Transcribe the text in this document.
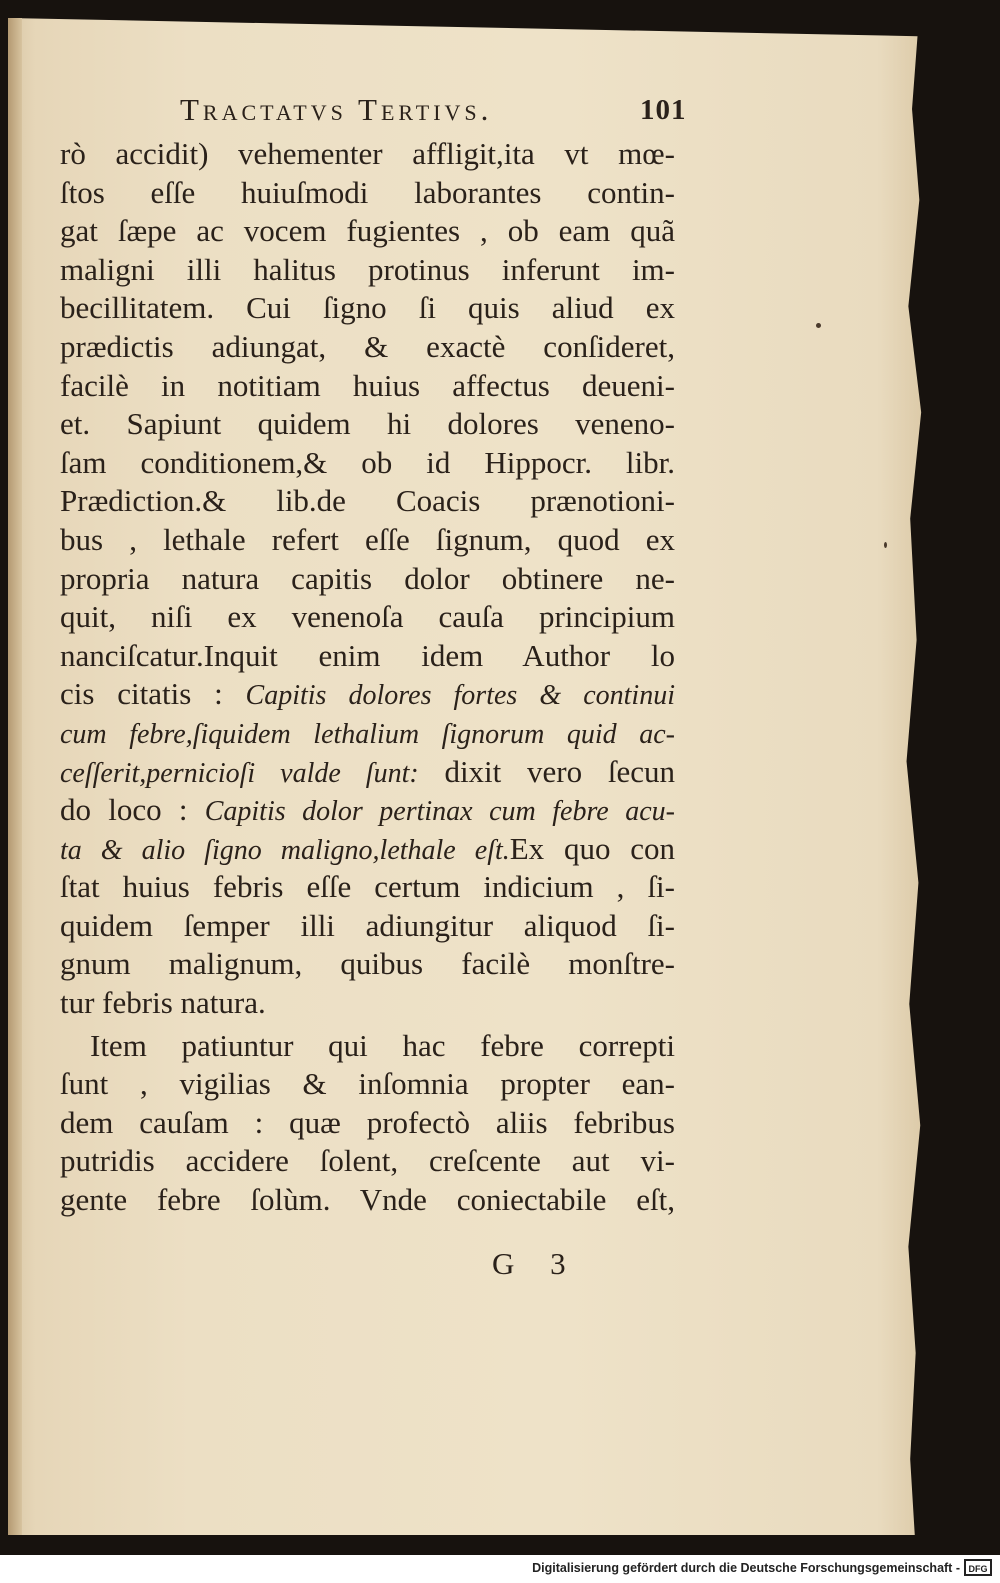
Tractatvs Tertivs.	101
rò accidit) vehementer affligit,ita vt mœ-
ſtos eſſe huiuſmodi laborantes contin-
gat ſæpe ac vocem fugientes , ob eam quã
maligni illi halitus protinus inferunt im-
becillitatem. Cui ſigno ſi quis aliud ex
prædictis adiungat, & exactè conſideret,
facilè in notitiam huius affectus deueni-
et. Sapiunt quidem hi dolores veneno-
ſam conditionem,& ob id Hippocr. libr.
Prædiction.& lib.de Coacis prænotioni-
bus , lethale refert eſſe ſignum, quod ex
propria natura capitis dolor obtinere ne-
quit, niſi ex venenoſa cauſa principium
nanciſcatur.Inquit enim idem Author lo
cis citatis : Capitis dolores fortes & continui
cum febre,ſiquidem lethalium ſignorum quid ac-
ceſſerit,pernicioſi valde ſunt: dixit vero ſecun
do loco : Capitis dolor pertinax cum febre acu-
ta & alio ſigno maligno,lethale eſt.Ex quo con
ſtat huius febris eſſe certum indicium , ſi-
quidem ſemper illi adiungitur aliquod ſi-
gnum malignum, quibus facilè monſtre-
tur febris natura.
Item patiuntur qui hac febre correpti
ſunt , vigilias & inſomnia propter ean-
dem cauſam : quæ profectò aliis febribus
putridis accidere ſolent, creſcente aut vi-
gente febre ſolùm. Vnde coniectabile eſt,
G 3
Digitalisierung gefördert durch die Deutsche Forschungsgemeinschaft - DFG
